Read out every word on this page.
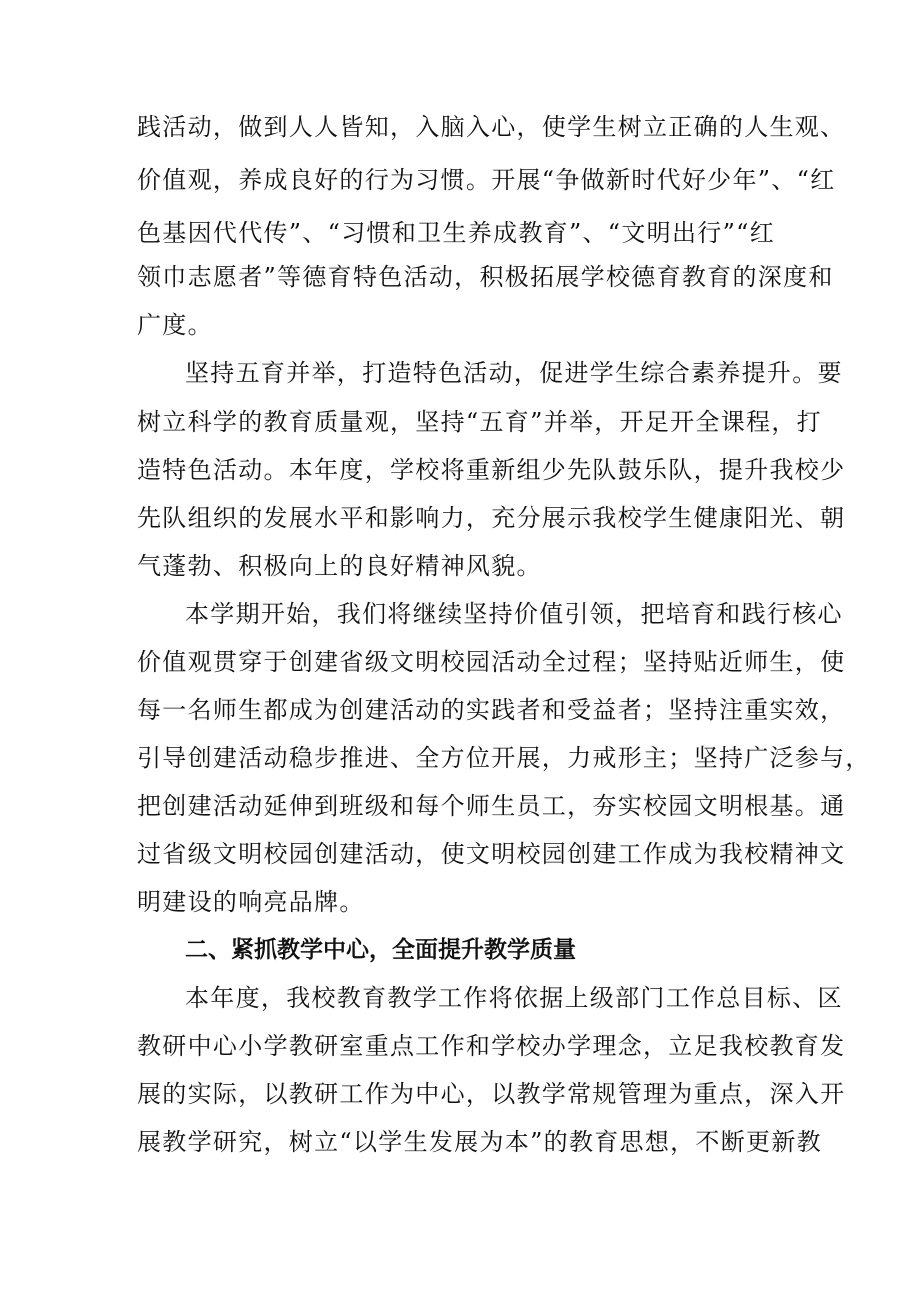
践活动，做到人人皆知，入脑入心，使学生树立正确的人生观、
价值观，养成良好的行为习惯。开展“争做新时代好少年”、“红
色基因代代传”、“习惯和卫生养成教育”、“文明出行”“红
领巾志愿者”等德育特色活动，积极拓展学校德育教育的深度和
广度。
坚持五育并举，打造特色活动，促进学生综合素养提升。要
树立科学的教育质量观，坚持“五育”并举，开足开全课程，打
造特色活动。本年度，学校将重新组少先队鼓乐队，提升我校少
先队组织的发展水平和影响力，充分展示我校学生健康阳光、朝
气蓬勃、积极向上的良好精神风貌。
本学期开始，我们将继续坚持价值引领，把培育和践行核心
价值观贯穿于创建省级文明校园活动全过程；坚持贴近师生，使
每一名师生都成为创建活动的实践者和受益者；坚持注重实效，
引导创建活动稳步推进、全方位开展，力戒形主；坚持广泛参与，
把创建活动延伸到班级和每个师生员工，夯实校园文明根基。通
过省级文明校园创建活动，使文明校园创建工作成为我校精神文
明建设的响亮品牌。
二、紧抓教学中心，全面提升教学质量
本年度，我校教育教学工作将依据上级部门工作总目标、区
教研中心小学教研室重点工作和学校办学理念，立足我校教育发
展的实际，以教研工作为中心，以教学常规管理为重点，深入开
展教学研究，树立“以学生发展为本”的教育思想，不断更新教
